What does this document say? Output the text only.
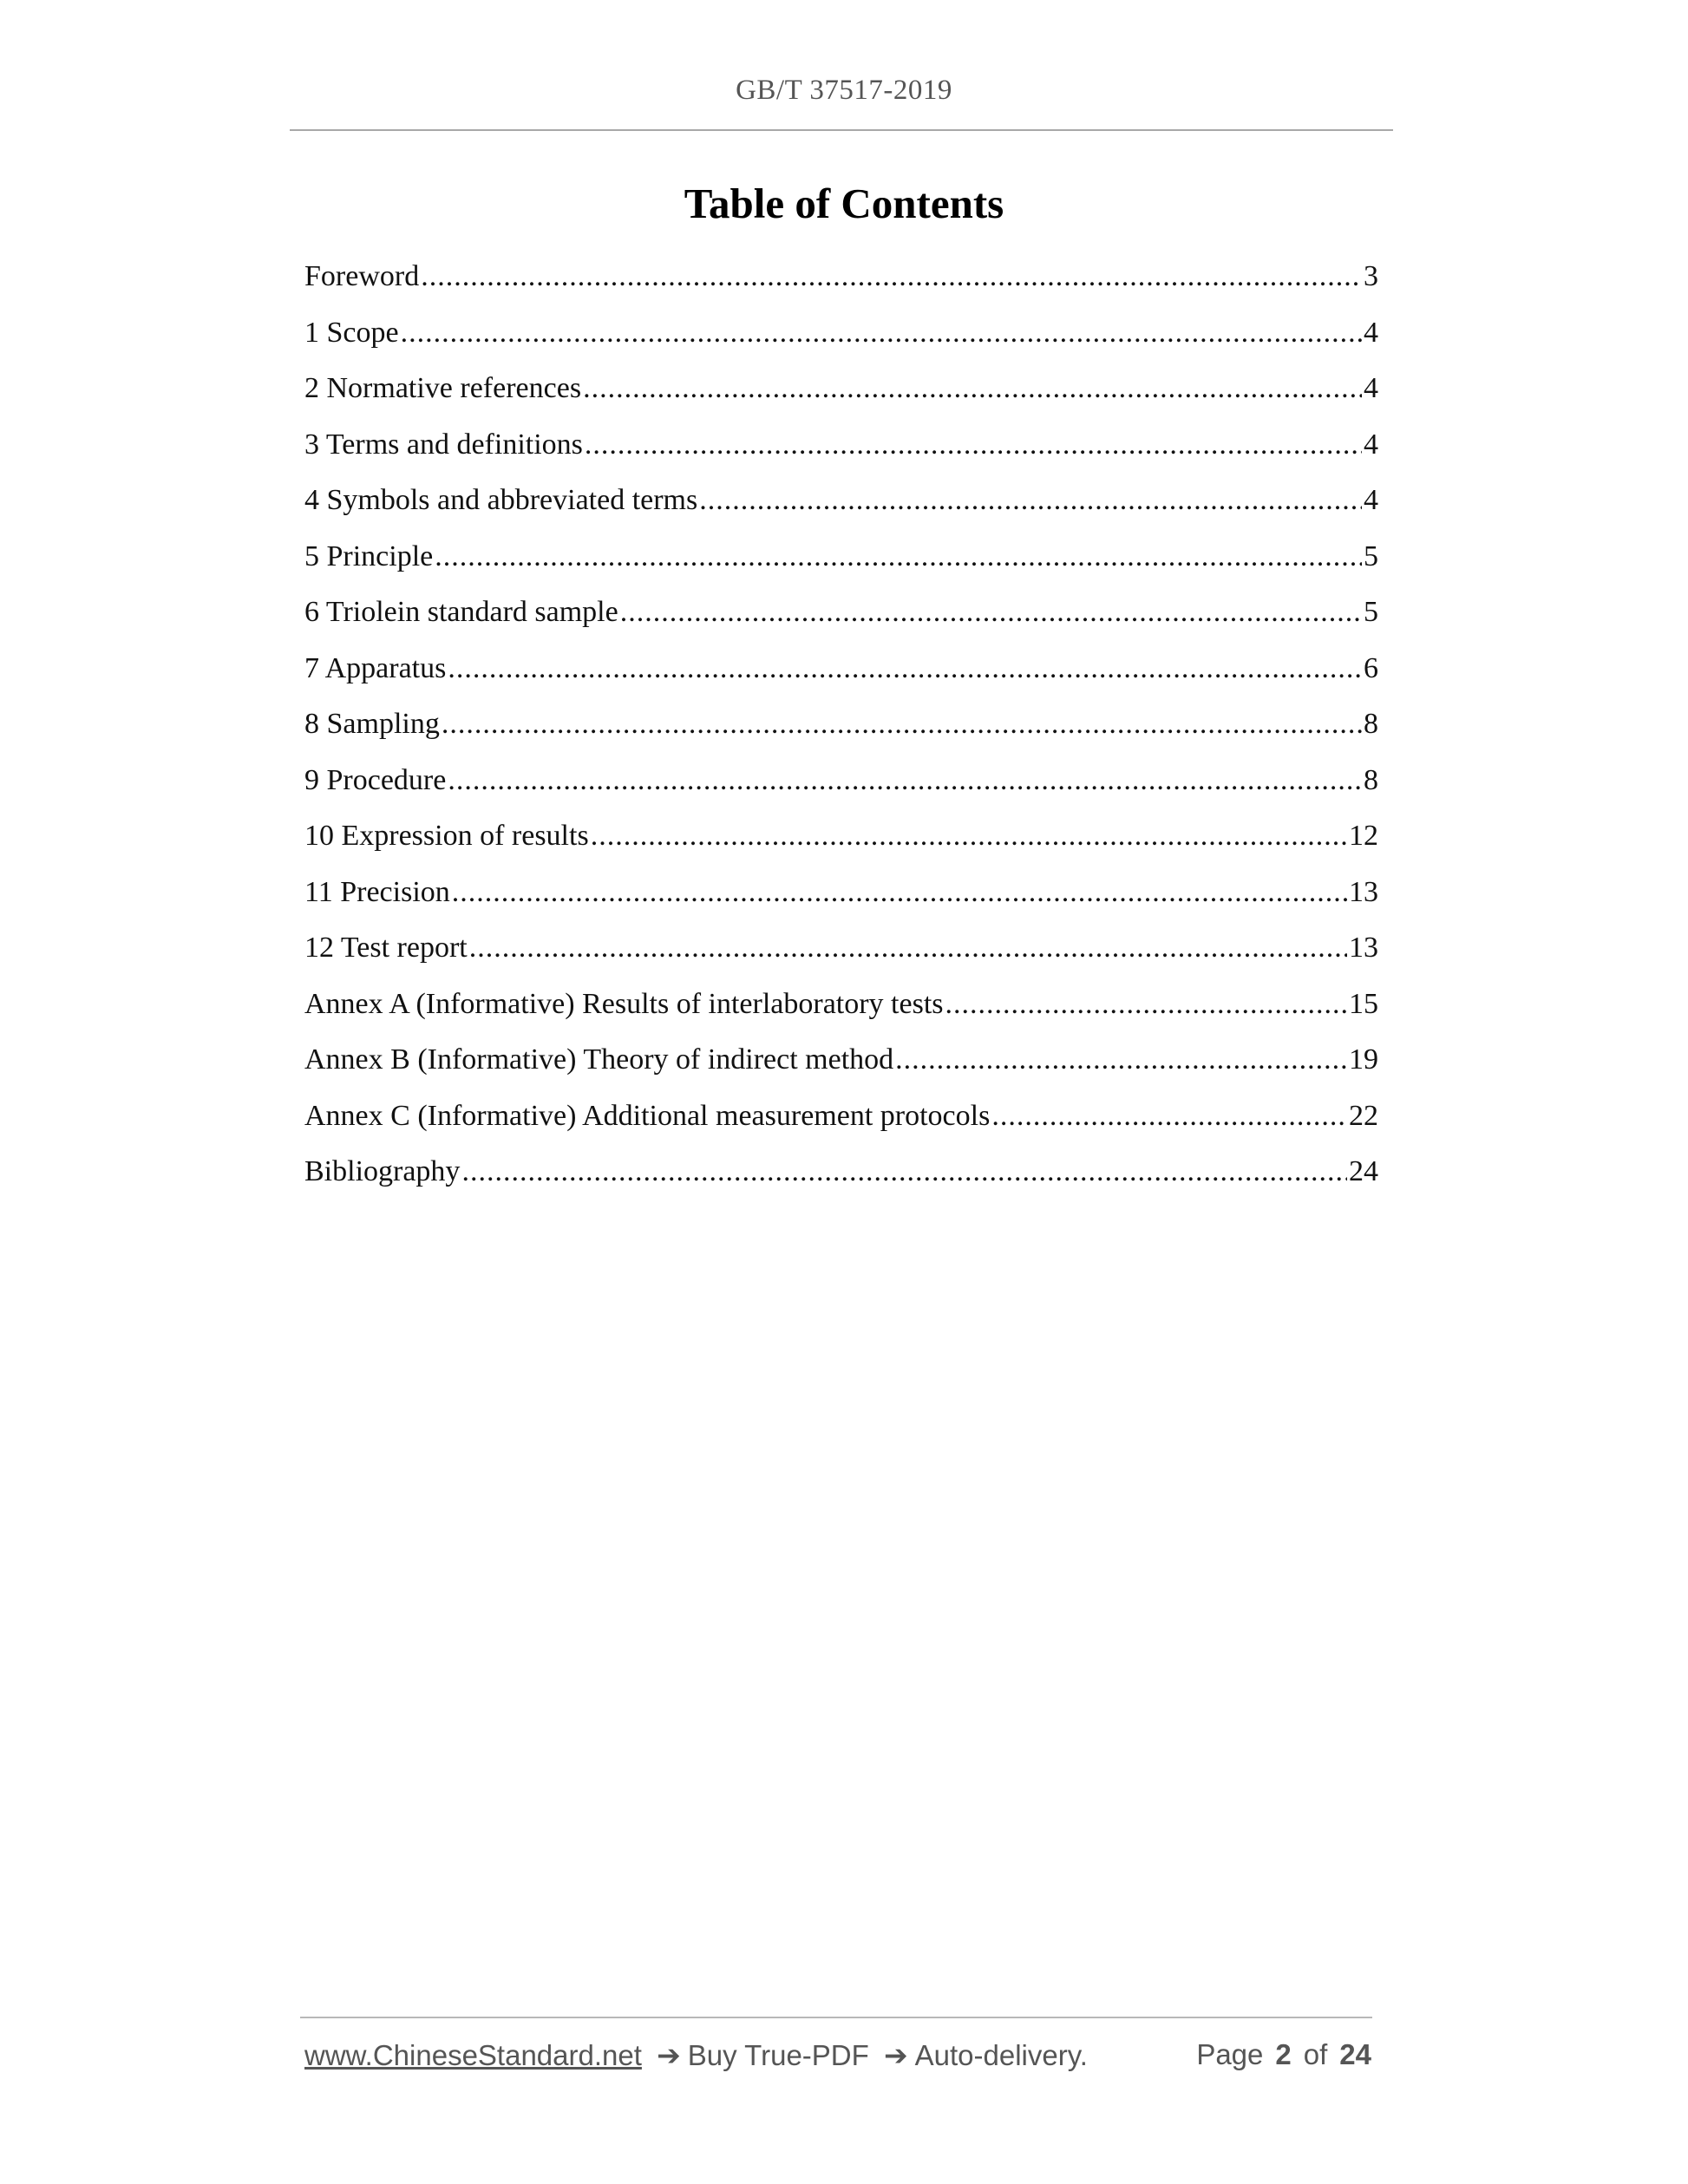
GB/T 37517-2019
Table of Contents
Foreword .....	3
1 Scope .....	4
2 Normative references .....	4
3 Terms and definitions .....	4
4 Symbols and abbreviated terms .....	4
5 Principle .....	5
6 Triolein standard sample .....	5
7 Apparatus .....	6
8 Sampling .....	8
9 Procedure .....	8
10 Expression of results .....	12
11 Precision .....	13
12 Test report .....	13
Annex A (Informative) Results of interlaboratory tests .....	15
Annex B (Informative) Theory of indirect method .....	19
Annex C (Informative) Additional measurement protocols .....	22
Bibliography .....	24
www.ChineseStandard.net ➔ Buy True-PDF ➔ Auto-delivery.	Page 2 of 24
